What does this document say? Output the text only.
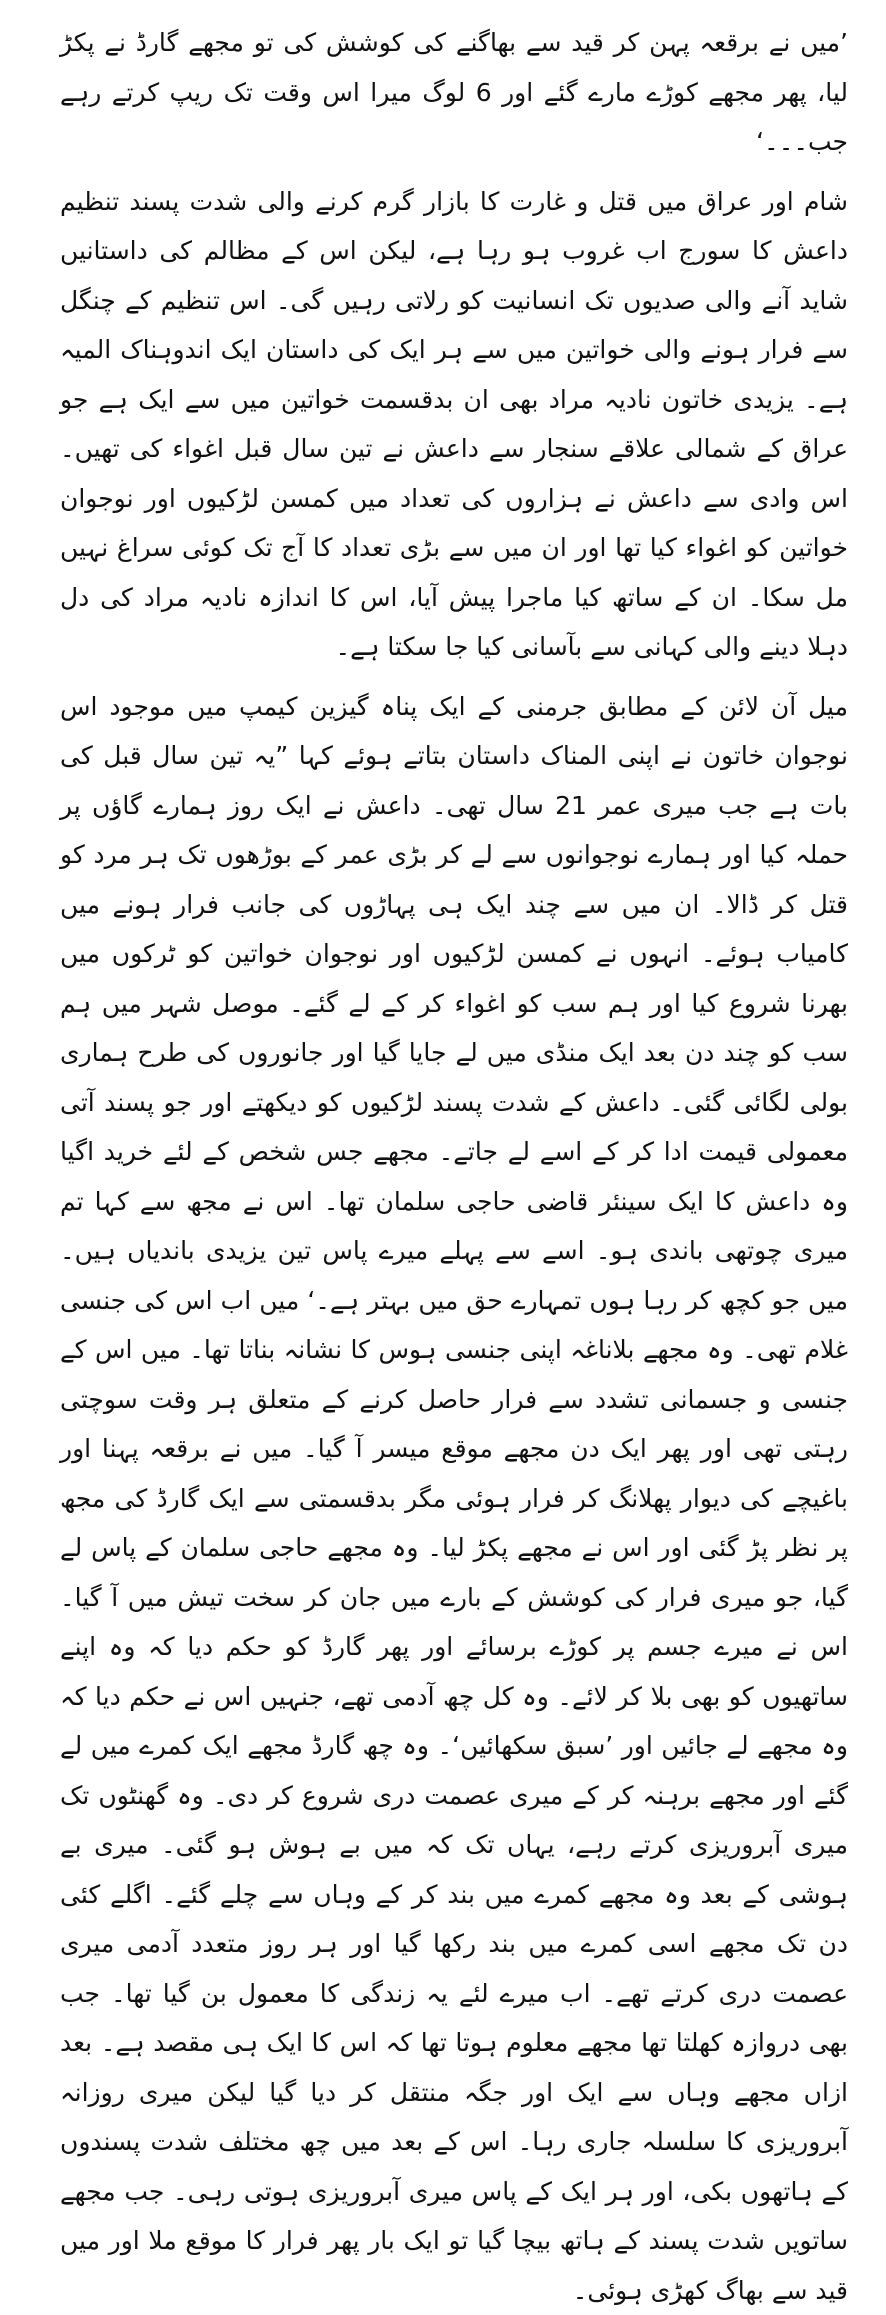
’میں نے برقعہ پہن کر قید سے بھاگنے کی کوشش کی تو مجھے گارڈ نے پکڑ لیا، پھر مجھے کوڑے مارے گئے اور 6 لوگ میرا اس وقت تک ریپ کرتے رہے جب۔۔۔‘

شام اور عراق میں قتل و غارت کا بازار گرم کرنے والی شدت پسند تنظیم داعش کا سورج اب غروب ہو رہا ہے، لیکن اس کے مظالم کی داستانیں شاید آنے والی صدیوں تک انسانیت کو رلاتی رہیں گی۔ اس تنظیم کے چنگل سے فرار ہونے والی خواتین میں سے ہر ایک کی داستان ایک اندوہناک المیہ ہے۔ یزیدی خاتون نادیہ مراد بھی ان بدقسمت خواتین میں سے ایک ہے جو عراق کے شمالی علاقے سنجار سے داعش نے تین سال قبل اغواء کی تھیں۔ اس وادی سے داعش نے ہزاروں کی تعداد میں کمسن لڑکیوں اور نوجوان خواتین کو اغواء کیا تھا اور ان میں سے بڑی تعداد کا آج تک کوئی سراغ نہیں مل سکا۔ ان کے ساتھ کیا ماجرا پیش آیا، اس کا اندازہ نادیہ مراد کی دل دہلا دینے والی کہانی سے بآسانی کیا جا سکتا ہے۔

میل آن لائن کے مطابق جرمنی کے ایک پناہ گیزین کیمپ میں موجود اس نوجوان خاتون نے اپنی المناک داستان بتاتے ہوئے کہا ”یہ تین سال قبل کی بات ہے جب میری عمر 21 سال تھی۔ داعش نے ایک روز ہمارے گاؤں پر حملہ کیا اور ہمارے نوجوانوں سے لے کر بڑی عمر کے بوڑھوں تک ہر مرد کو قتل کر ڈالا۔ ان میں سے چند ایک ہی پہاڑوں کی جانب فرار ہونے میں کامیاب ہوئے۔ انہوں نے کمسن لڑکیوں اور نوجوان خواتین کو ٹرکوں میں بھرنا شروع کیا اور ہم سب کو اغواء کر کے لے گئے۔ موصل شہر میں ہم سب کو چند دن بعد ایک منڈی میں لے جایا گیا اور جانوروں کی طرح ہماری بولی لگائی گئی۔ داعش کے شدت پسند لڑکیوں کو دیکھتے اور جو پسند آتی معمولی قیمت ادا کر کے اسے لے جاتے۔ مجھے جس شخص کے لئے خرید اگیا وہ داعش کا ایک سینئر قاضی حاجی سلمان تھا۔ اس نے مجھ سے کہا تم میری چوتھی باندی ہو۔ اسے سے پہلے میرے پاس تین یزیدی باندیاں ہیں۔ میں جو کچھ کر رہا ہوں تمہارے حق میں بہتر ہے۔‘ میں اب اس کی جنسی غلام تھی۔ وہ مجھے بلاناغہ اپنی جنسی ہوس کا نشانہ بناتا تھا۔ میں اس کے جنسی و جسمانی تشدد سے فرار حاصل کرنے کے متعلق ہر وقت سوچتی رہتی تھی اور پھر ایک دن مجھے موقع میسر آ گیا۔ میں نے برقعہ پہنا اور باغیچے کی دیوار پھلانگ کر فرار ہوئی مگر بدقسمتی سے ایک گارڈ کی مجھ پر نظر پڑ گئی اور اس نے مجھے پکڑ لیا۔ وہ مجھے حاجی سلمان کے پاس لے گیا، جو میری فرار کی کوشش کے بارے میں جان کر سخت تیش میں آ گیا۔ اس نے میرے جسم پر کوڑے برسائے اور پھر گارڈ کو حکم دیا کہ وہ اپنے ساتھیوں کو بھی بلا کر لائے۔ وہ کل چھ آدمی تھے، جنہیں اس نے حکم دیا کہ وہ مجھے لے جائیں اور ’سبق سکھائیں‘۔ وہ چھ گارڈ مجھے ایک کمرے میں لے گئے اور مجھے برہنہ کر کے میری عصمت دری شروع کر دی۔ وہ گھنٹوں تک میری آبروریزی کرتے رہے، یہاں تک کہ میں بے ہوش ہو گئی۔ میری بے ہوشی کے بعد وہ مجھے کمرے میں بند کر کے وہاں سے چلے گئے۔ اگلے کئی دن تک مجھے اسی کمرے میں بند رکھا گیا اور ہر روز متعدد آدمی میری عصمت دری کرتے تھے۔ اب میرے لئے یہ زندگی کا معمول بن گیا تھا۔ جب بھی دروازہ کھلتا تھا مجھے معلوم ہوتا تھا کہ اس کا ایک ہی مقصد ہے۔ بعد ازاں مجھے وہاں سے ایک اور جگہ منتقل کر دیا گیا لیکن میری روزانہ آبروریزی کا سلسلہ جاری رہا۔ اس کے بعد میں چھ مختلف شدت پسندوں کے ہاتھوں بکی، اور ہر ایک کے پاس میری آبروریزی ہوتی رہی۔ جب مجھے ساتویں شدت پسند کے ہاتھ بیچا گیا تو ایک بار پھر فرار کا موقع ملا اور میں قید سے بھاگ کھڑی ہوئی۔
